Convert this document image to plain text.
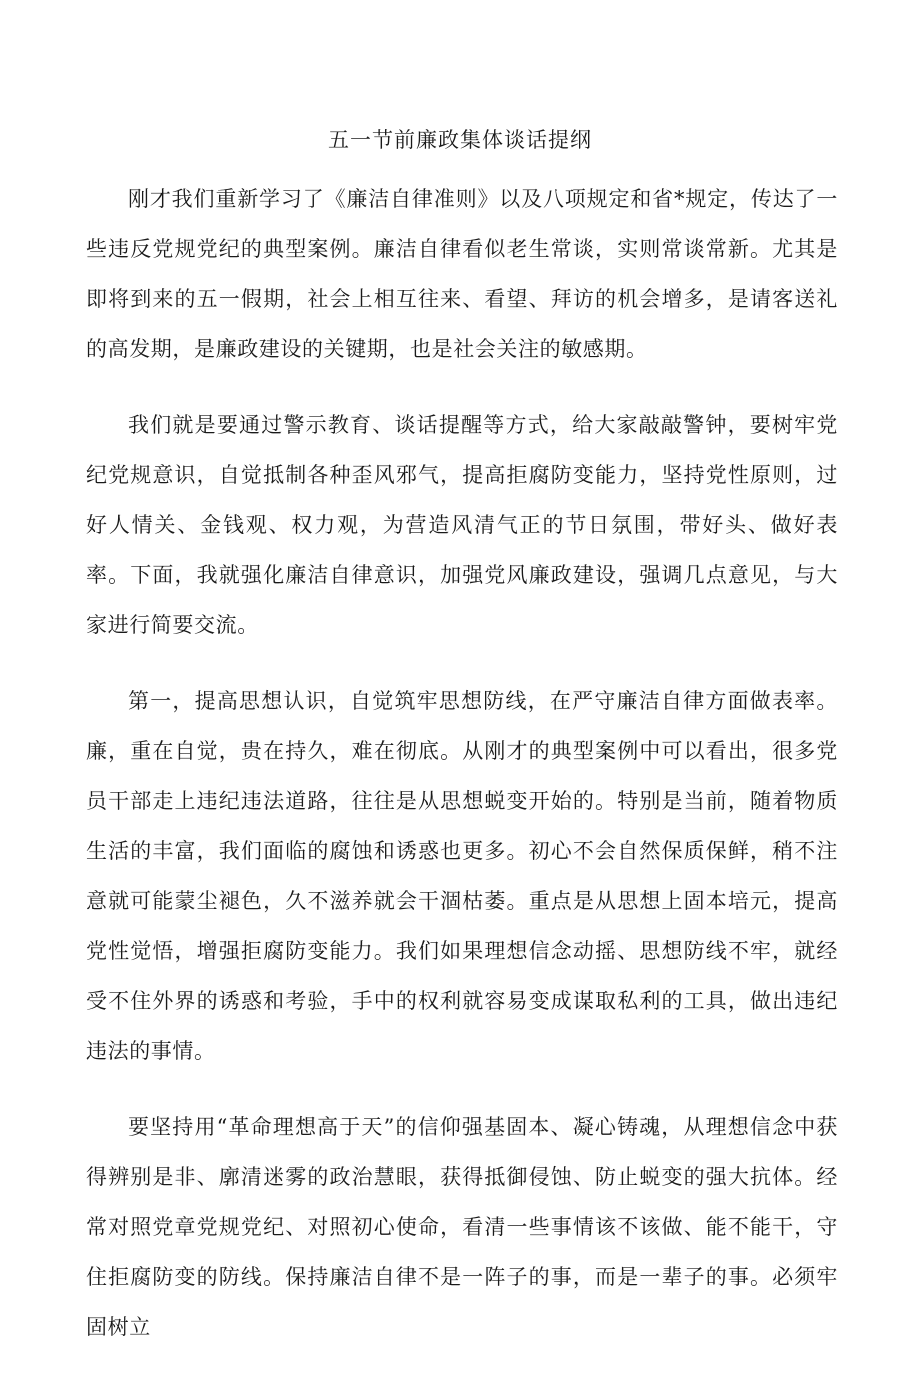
五一节前廉政集体谈话提纲

刚才我们重新学习了《廉洁自律准则》以及八项规定和省*规定，传达了一些违反党规党纪的典型案例。廉洁自律看似老生常谈，实则常谈常新。尤其是即将到来的五一假期，社会上相互往来、看望、拜访的机会增多，是请客送礼的高发期，是廉政建设的关键期，也是社会关注的敏感期。

我们就是要通过警示教育、谈话提醒等方式，给大家敲敲警钟，要树牢党纪党规意识，自觉抵制各种歪风邪气，提高拒腐防变能力，坚持党性原则，过好人情关、金钱观、权力观，为营造风清气正的节日氛围，带好头、做好表率。下面，我就强化廉洁自律意识，加强党风廉政建设，强调几点意见，与大家进行简要交流。

第一，提高思想认识，自觉筑牢思想防线，在严守廉洁自律方面做表率。廉，重在自觉，贵在持久，难在彻底。从刚才的典型案例中可以看出，很多党员干部走上违纪违法道路，往往是从思想蜕变开始的。特别是当前，随着物质生活的丰富，我们面临的腐蚀和诱惑也更多。初心不会自然保质保鲜，稍不注意就可能蒙尘褪色，久不滋养就会干涸枯萎。重点是从思想上固本培元，提高党性觉悟，增强拒腐防变能力。我们如果理想信念动摇、思想防线不牢，就经受不住外界的诱惑和考验，手中的权利就容易变成谋取私利的工具，做出违纪违法的事情。

要坚持用“革命理想高于天”的信仰强基固本、凝心铸魂，从理想信念中获得辨别是非、廓清迷雾的政治慧眼，获得抵御侵蚀、防止蜕变的强大抗体。经常对照党章党规党纪、对照初心使命，看清一些事情该不该做、能不能干，守住拒腐防变的防线。保持廉洁自律不是一阵子的事，而是一辈子的事。必须牢固树立
